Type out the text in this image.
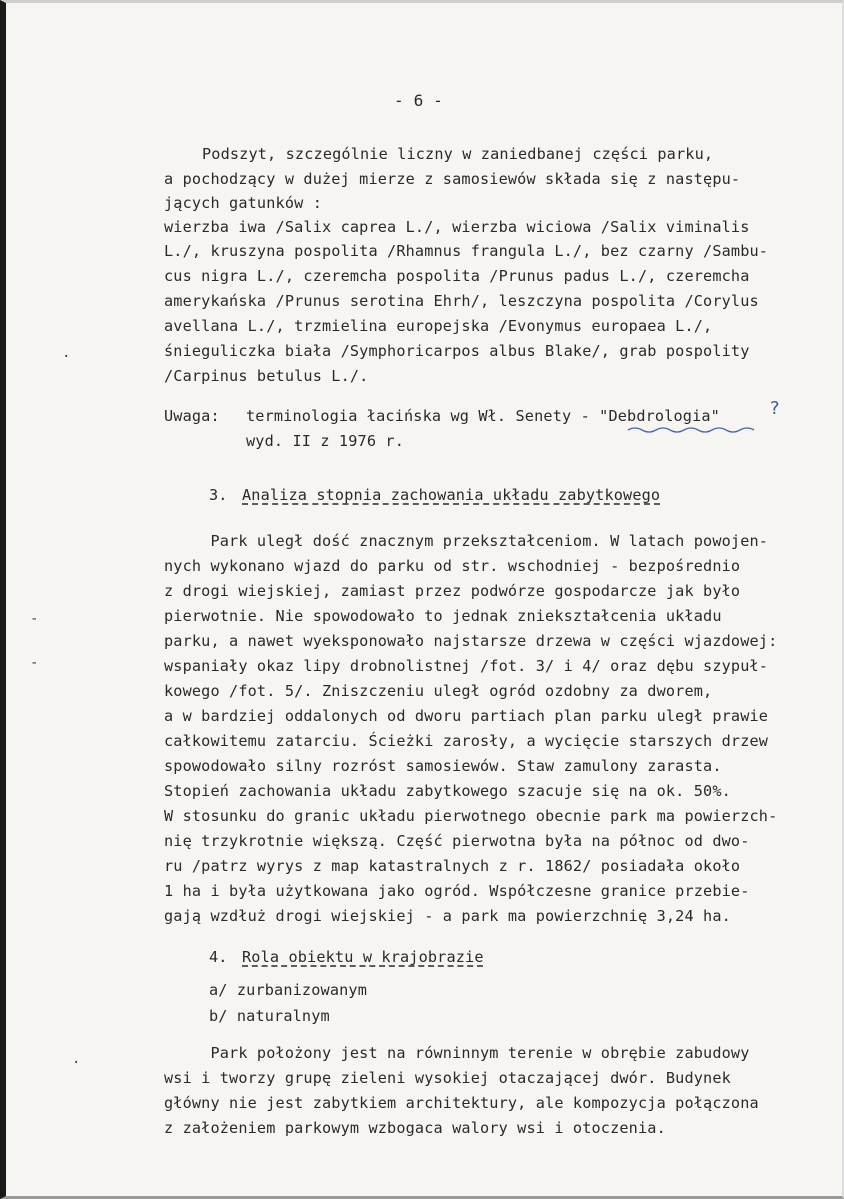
- 6 -
Podszyt, szczególnie liczny w zaniedbanej części parku,
a pochodzący w dużej mierze z samosiewów składa się z następu-
jących gatunków :
wierzba iwa /Salix caprea L./, wierzba wiciowa /Salix viminalis
L./, kruszyna pospolita /Rhamnus frangula L./, bez czarny /Sambu-
cus nigra L./, czeremcha pospolita /Prunus padus L./, czeremcha
amerykańska /Prunus serotina Ehrh/, leszczyna pospolita /Corylus
avellana L./, trzmielina europejska /Evonymus europaea L./,
śnieguliczka biała /Symphoricarpos albus Blake/, grab pospolity
/Carpinus betulus L./.
Uwaga: terminologia łacińska wg Wł. Senety - "Debdrologia"
wyd. II z 1976 r.
?
3. Analiza stopnia zachowania układu zabytkowego
Park uległ dość znacznym przekształceniom. W latach powojen-
nych wykonano wjazd do parku od str. wschodniej - bezpośrednio
z drogi wiejskiej, zamiast przez podwórze gospodarcze jak było
pierwotnie. Nie spowodowało to jednak zniekształcenia układu
parku, a nawet wyeksponowało najstarsze drzewa w części wjazdowej:
wspaniały okaz lipy drobnolistnej /fot. 3/ i 4/ oraz dębu szypuł-
kowego /fot. 5/. Zniszczeniu uległ ogród ozdobny za dworem,
a w bardziej oddalonych od dworu partiach plan parku uległ prawie
całkowitemu zatarciu. Ścieżki zarosły, a wycięcie starszych drzew
spowodowało silny rozróst samosiewów. Staw zamulony zarasta.
Stopień zachowania układu zabytkowego szacuje się na ok. 50%.
W stosunku do granic układu pierwotnego obecnie park ma powierzch-
nię trzykrotnie większą. Część pierwotna była na północ od dwo-
ru /patrz wyrys z map katastralnych z r. 1862/ posiadała około
1 ha i była użytkowana jako ogród. Współczesne granice przebie-
gają wzdłuż drogi wiejskiej - a park ma powierzchnię 3,24 ha.
4. Rola obiektu w krajobrazie
a/ zurbanizowanym
b/ naturalnym
Park położony jest na równinnym terenie w obrębie zabudowy
wsi i tworzy grupę zieleni wysokiej otaczającej dwór. Budynek
główny nie jest zabytkiem architektury, ale kompozycja połączona
z założeniem parkowym wzbogaca walory wsi i otoczenia.
·
-
-
·
